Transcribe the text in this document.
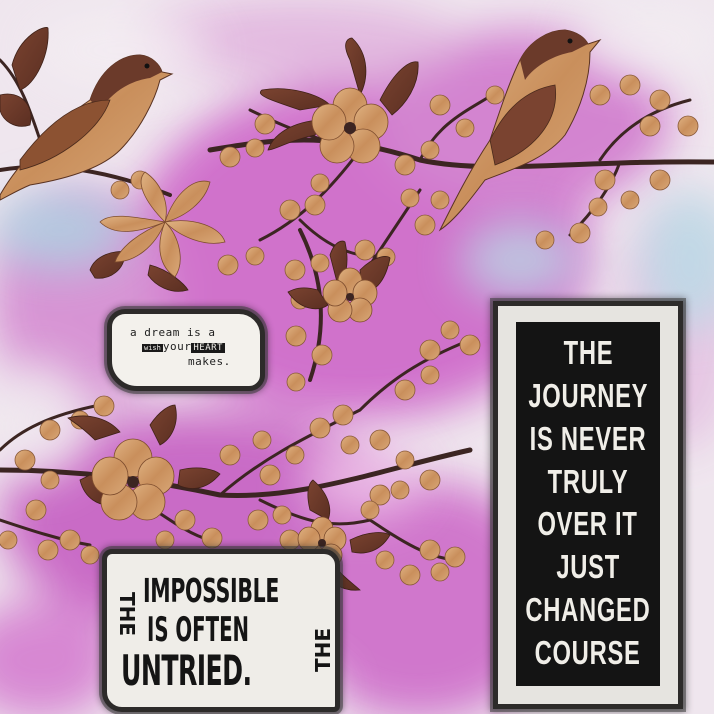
a dream is a
wish your HEART
makes.	THE
JOURNEY
IS NEVER
TRULY
OVER IT
JUST
CHANGED
COURSE
THE
IMPOSSIBLE
IS OFTEN
UNTRIED.	THE
